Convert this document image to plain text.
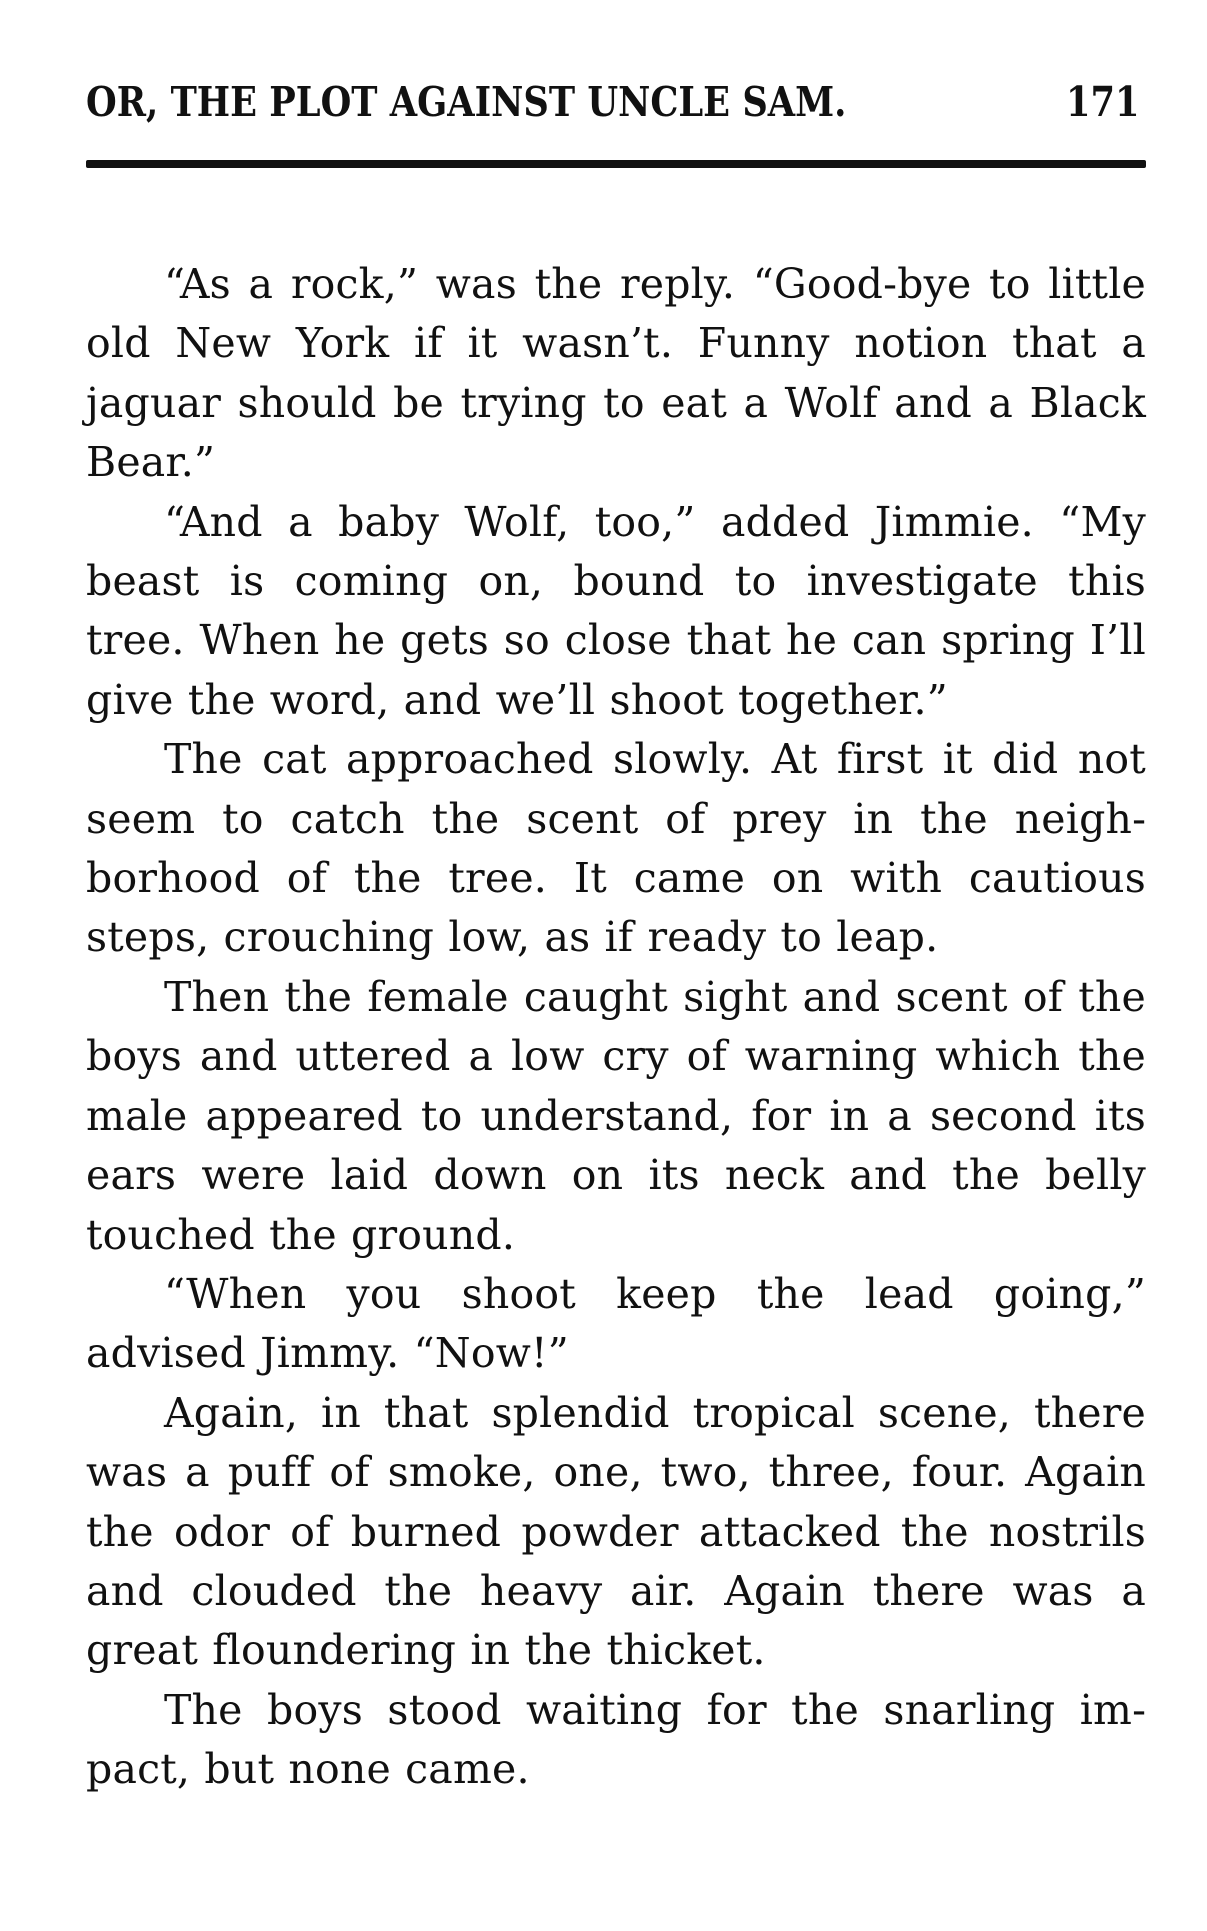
OR, THE PLOT AGAINST UNCLE SAM.	171

“As a rock,” was the reply. “Good-bye to little old New York if it wasn’t. Funny notion that a jaguar should be trying to eat a Wolf and a Black Bear.”

“And a baby Wolf, too,” added Jimmie. “My beast is coming on, bound to investigate this tree. When he gets so close that he can spring I’ll give the word, and we’ll shoot together.”

The cat approached slowly. At first it did not seem to catch the scent of prey in the neighborhood of the tree. It came on with cautious steps, crouching low, as if ready to leap.

Then the female caught sight and scent of the boys and uttered a low cry of warning which the male appeared to understand, for in a second its ears were laid down on its neck and the belly touched the ground.

“When you shoot keep the lead going,” advised Jimmy. “Now!”

Again, in that splendid tropical scene, there was a puff of smoke, one, two, three, four. Again the odor of burned powder attacked the nostrils and clouded the heavy air. Again there was a great floundering in the thicket.

The boys stood waiting for the snarling impact, but none came.
